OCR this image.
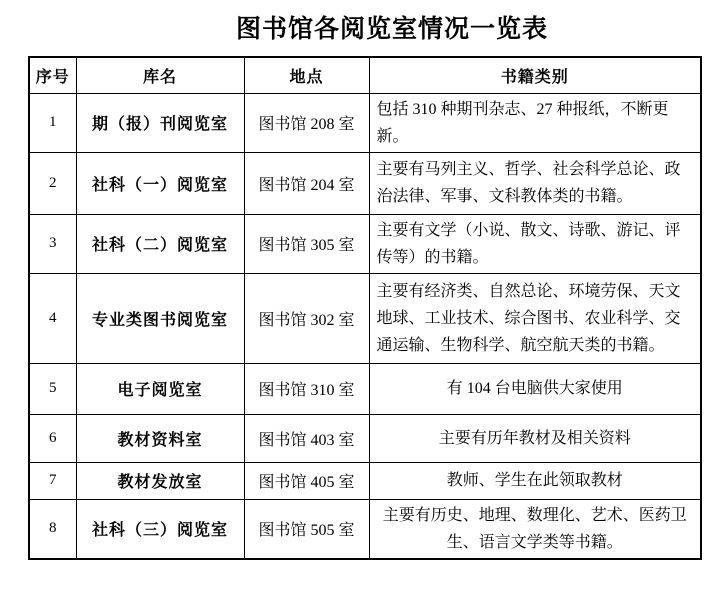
图书馆各阅览室情况一览表
序号	库名	地点	书籍类别
1	期（报）刊阅览室	图书馆 208 室	包括 310 种期刊杂志、27 种报纸，不断更新。
2	社科（一）阅览室	图书馆 204 室	主要有马列主义、哲学、社会科学总论、政治法律、军事、文科教体类的书籍。
3	社科（二）阅览室	图书馆 305 室	主要有文学（小说、散文、诗歌、游记、评传等）的书籍。
4	专业类图书阅览室	图书馆 302 室	主要有经济类、自然总论、环境劳保、天文地球、工业技术、综合图书、农业科学、交通运输、生物科学、航空航天类的书籍。
5	电子阅览室	图书馆 310 室	有 104 台电脑供大家使用
6	教材资料室	图书馆 403 室	主要有历年教材及相关资料
7	教材发放室	图书馆 405 室	教师、学生在此领取教材
8	社科（三）阅览室	图书馆 505 室	主要有历史、地理、数理化、艺术、医药卫生、语言文学类等书籍。
